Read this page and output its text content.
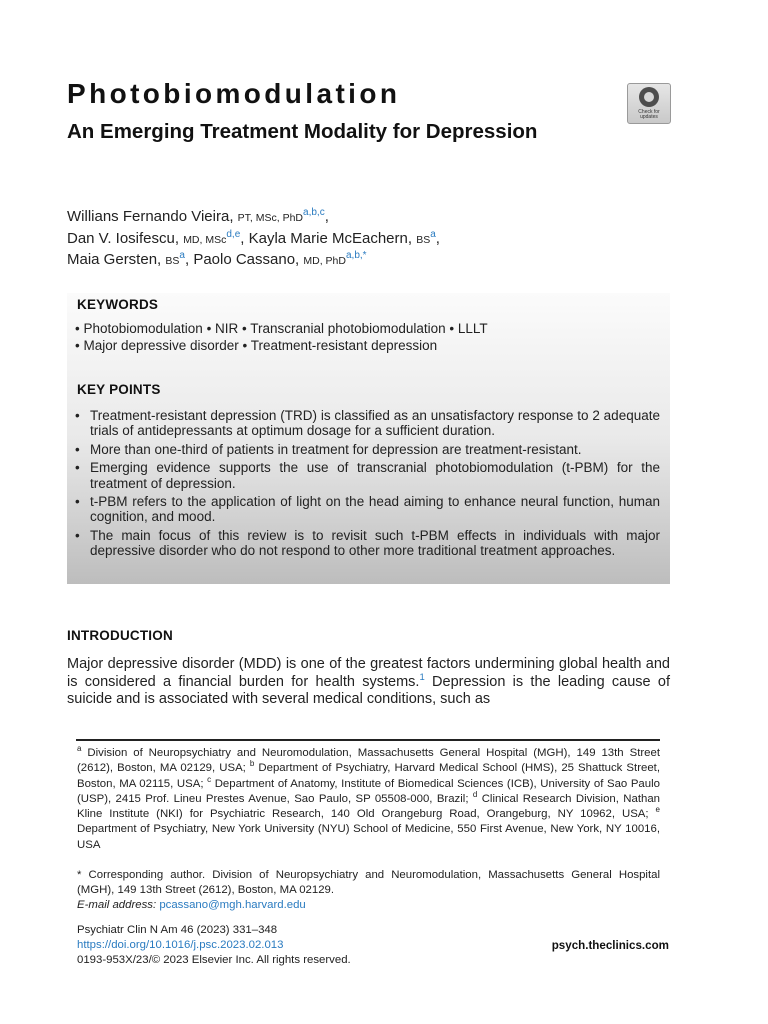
Photobiomodulation
An Emerging Treatment Modality for Depression
Check for
updates
Willians Fernando Vieira, PT, MSc, PhD$^{a,b,c}$,
Dan V. Iosifescu, MD, MSc$^{d,e}$, Kayla Marie McEachern, BS$^a$,
Maia Gersten, BS$^a$, Paolo Cassano, MD, PhD$^{a,b,*}$
KEYWORDS
• Photobiomodulation • NIR • Transcranial photobiomodulation • LLLT
• Major depressive disorder • Treatment-resistant depression
KEY POINTS
• Treatment-resistant depression (TRD) is classified as an unsatisfactory response to 2 adequate trials of antidepressants at optimum dosage for a sufficient duration.
• More than one-third of patients in treatment for depression are treatment-resistant.
• Emerging evidence supports the use of transcranial photobiomodulation (t-PBM) for the treatment of depression.
• t-PBM refers to the application of light on the head aiming to enhance neural function, human cognition, and mood.
• The main focus of this review is to revisit such t-PBM effects in individuals with major depressive disorder who do not respond to other more traditional treatment approaches.
INTRODUCTION

Major depressive disorder (MDD) is one of the greatest factors undermining global health and is considered a financial burden for health systems.$^1$ Depression is the leading cause of suicide and is associated with several medical conditions, such as

$^a$ Division of Neuropsychiatry and Neuromodulation, Massachusetts General Hospital (MGH), 149 13th Street (2612), Boston, MA 02129, USA; $^b$ Department of Psychiatry, Harvard Medical School (HMS), 25 Shattuck Street, Boston, MA 02115, USA; $^c$ Department of Anatomy, Institute of Biomedical Sciences (ICB), University of Sao Paulo (USP), 2415 Prof. Lineu Prestes Avenue, Sao Paulo, SP 05508-000, Brazil; $^d$ Clinical Research Division, Nathan Kline Institute (NKI) for Psychiatric Research, 140 Old Orangeburg Road, Orangeburg, NY 10962, USA; $^e$ Department of Psychiatry, New York University (NYU) School of Medicine, 550 First Avenue, New York, NY 10016, USA

* Corresponding author. Division of Neuropsychiatry and Neuromodulation, Massachusetts General Hospital (MGH), 149 13th Street (2612), Boston, MA 02129.

E-mail address: pcassano@mgh.harvard.edu
Psychiatr Clin N Am 46 (2023) 331–348
https://doi.org/10.1016/j.psc.2023.02.013
0193-953X/23/© 2023 Elsevier Inc. All rights reserved.
psych.theclinics.com
